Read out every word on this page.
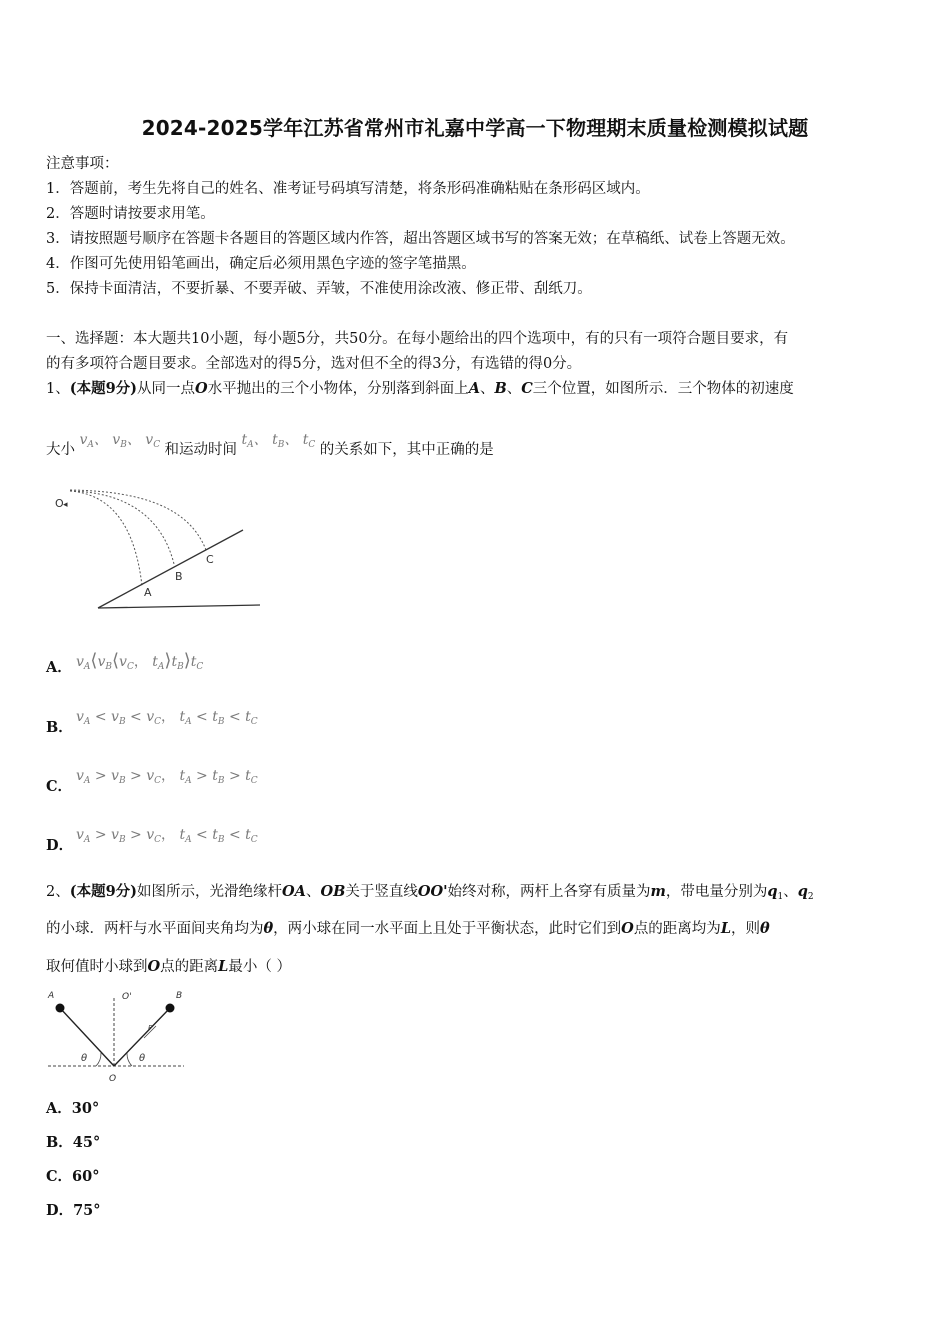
2024-2025学年江苏省常州市礼嘉中学高一下物理期末质量检测模拟试题
注意事项：
1．答题前，考生先将自己的姓名、准考证号码填写清楚，将条形码准确粘贴在条形码区域内。
2．答题时请按要求用笔。
3．请按照题号顺序在答题卡各题目的答题区域内作答，超出答题区域书写的答案无效；在草稿纸、试卷上答题无效。
4．作图可先使用铅笔画出，确定后必须用黑色字迹的签字笔描黑。
5．保持卡面清洁，不要折暴、不要弄破、弄皱，不准使用涂改液、修正带、刮纸刀。
一、选择题：本大题共10小题，每小题5分，共50分。在每小题给出的四个选项中，有的只有一项符合题目要求，有
的有多项符合题目要求。全部选对的得5分，选对但不全的得3分，有选错的得0分。
1、(本题9分)从同一点O水平抛出的三个小物体，分别落到斜面上A、B、C三个位置，如图所示．三个物体的初速度
大小 $v_A$、 $v_B$、 $v_C$ 和运动时间 $t_A$、 $t_B$、 $t_C$ 的关系如下，其中正确的是
O ◂
A
B
C
A． $v_A⟨v_B⟨v_C$， $t_A⟩t_B⟩t_C$
B．
$v_A < v_B < v_C$， $t_A < t_B < t_C$
C．
$v_A > v_B > v_C$， $t_A > t_B > t_C$
D．
$v_A > v_B > v_C$， $t_A < t_B < t_C$
2、(本题9分)如图所示，光滑绝缘杆OA、OB关于竖直线OO'始终对称，两杆上各穿有质量为m，带电量分别为$q_1$、$q_2$
的小球．两杆与水平面间夹角均为θ，两小球在同一水平面上且处于平衡状态，此时它们到O点的距离均为L，则θ
取何值时小球到O点的距离L最小（ ）
A	B
O'
F
θ	θ
O
A．30°
B．45°
C．60°
D．75°
